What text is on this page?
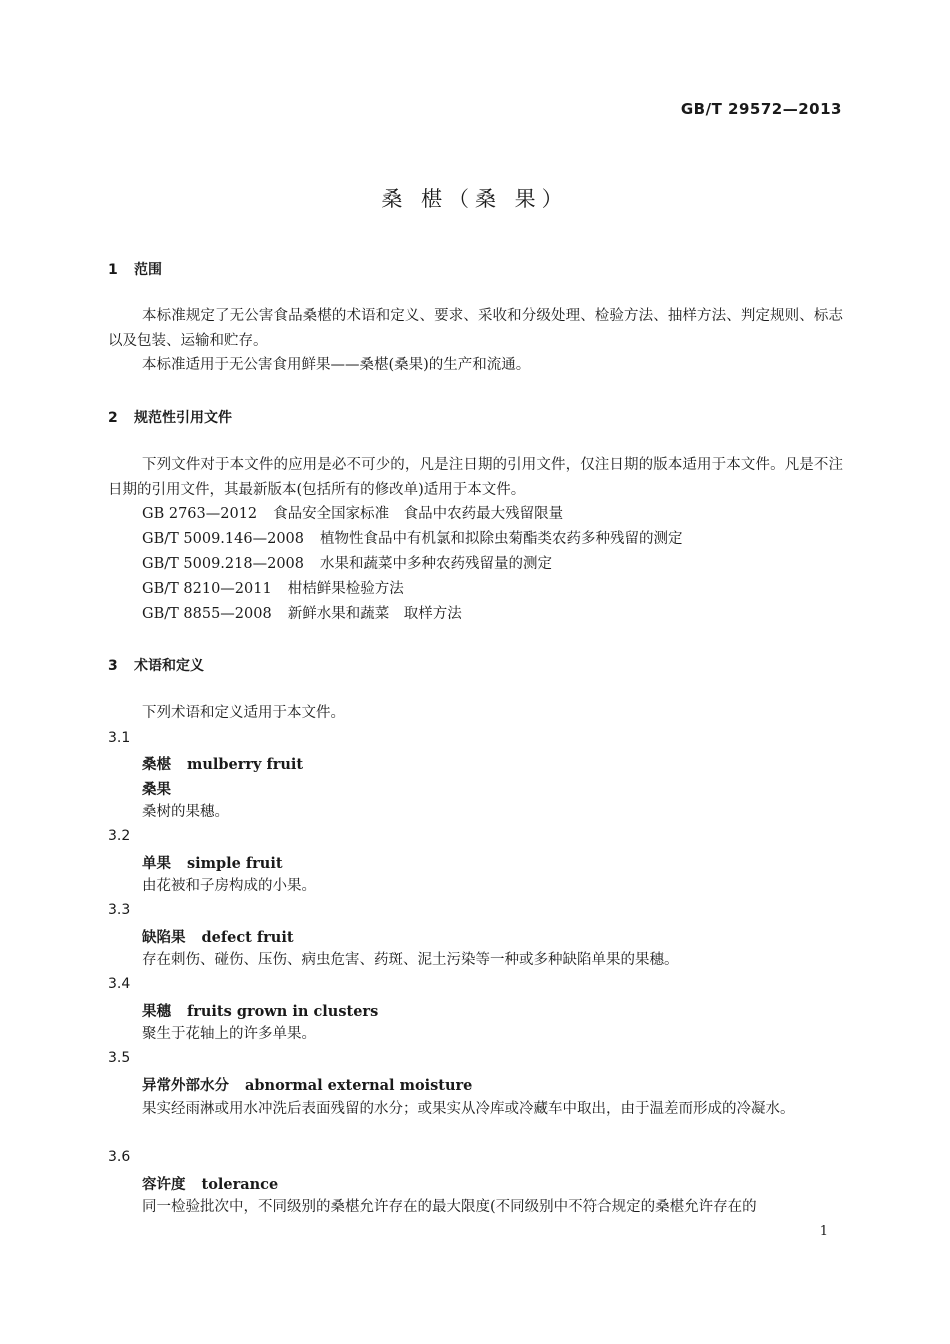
GB/T 29572—2013
桑 椹（桑 果）
1 范围
本标准规定了无公害食品桑椹的术语和定义、要求、采收和分级处理、检验方法、抽样方法、判定规则、标志以及包装、运输和贮存。
本标准适用于无公害食用鲜果——桑椹(桑果)的生产和流通。
2 规范性引用文件
下列文件对于本文件的应用是必不可少的，凡是注日期的引用文件，仅注日期的版本适用于本文件。凡是不注日期的引用文件，其最新版本(包括所有的修改单)适用于本文件。
GB 2763—2012 食品安全国家标准　食品中农药最大残留限量
GB/T 5009.146—2008 植物性食品中有机氯和拟除虫菊酯类农药多种残留的测定
GB/T 5009.218—2008 水果和蔬菜中多种农药残留量的测定
GB/T 8210—2011 柑桔鲜果检验方法
GB/T 8855—2008 新鲜水果和蔬菜　取样方法
3 术语和定义
下列术语和定义适用于本文件。
3.1
桑椹 mulberry fruit
桑果
桑树的果穗。
3.2
单果 simple fruit
由花被和子房构成的小果。
3.3
缺陷果 defect fruit
存在刺伤、碰伤、压伤、病虫危害、药斑、泥土污染等一种或多种缺陷单果的果穗。
3.4
果穗 fruits grown in clusters
聚生于花轴上的许多单果。
3.5
异常外部水分 abnormal external moisture
果实经雨淋或用水冲洗后表面残留的水分；或果实从冷库或冷藏车中取出，由于温差而形成的冷凝水。
3.6
容许度 tolerance
同一检验批次中，不同级别的桑椹允许存在的最大限度(不同级别中不符合规定的桑椹允许存在的
1
